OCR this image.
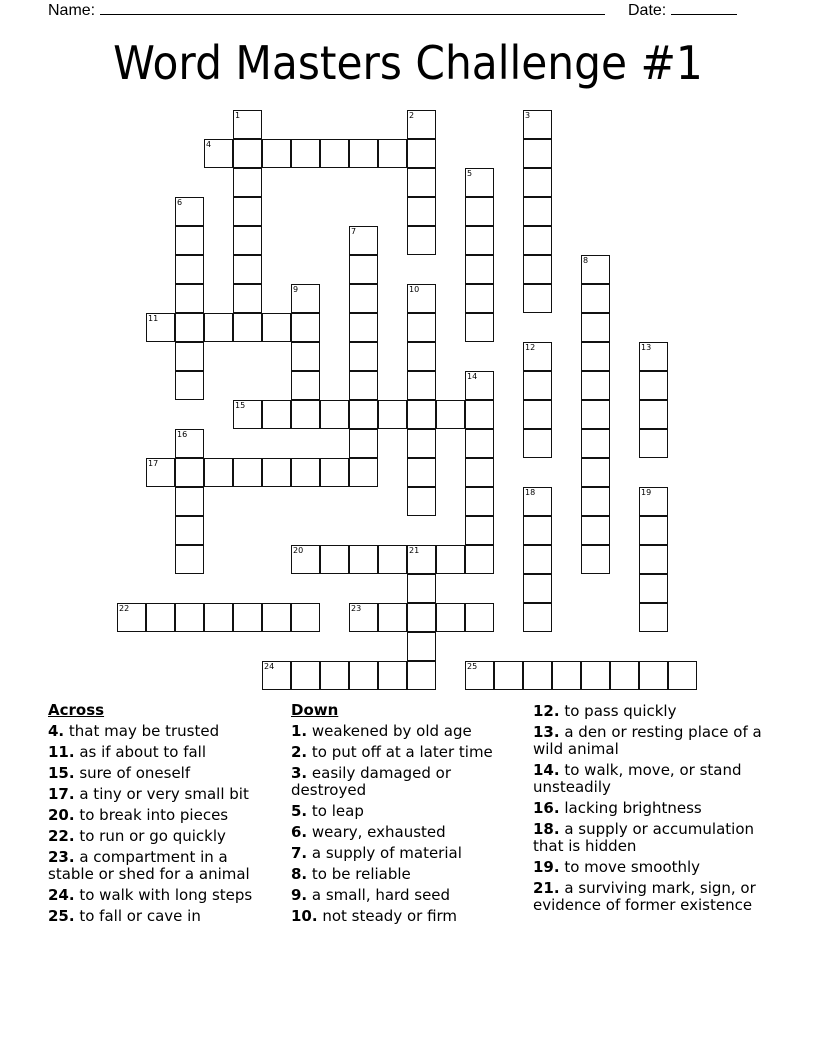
Name:	Date:
Word Masters Challenge #1
1	2	3
4
5
6
7
8
9	10
11
12	13
14
15
16
17
18	19
20	21
22	23
24	25
Across
4. that may be trusted
11. as if about to fall
15. sure of oneself
17. a tiny or very small bit
20. to break into pieces
22. to run or go quickly
23. a compartment in a stable or shed for a animal
24. to walk with long steps
25. to fall or cave in
Down
1. weakened by old age
2. to put off at a later time
3. easily damaged or destroyed
5. to leap
6. weary, exhausted
7. a supply of material
8. to be reliable
9. a small, hard seed
10. not steady or firm
12. to pass quickly
13. a den or resting place of a wild animal
14. to walk, move, or stand unsteadily
16. lacking brightness
18. a supply or accumulation that is hidden
19. to move smoothly
21. a surviving mark, sign, or evidence of former existence
